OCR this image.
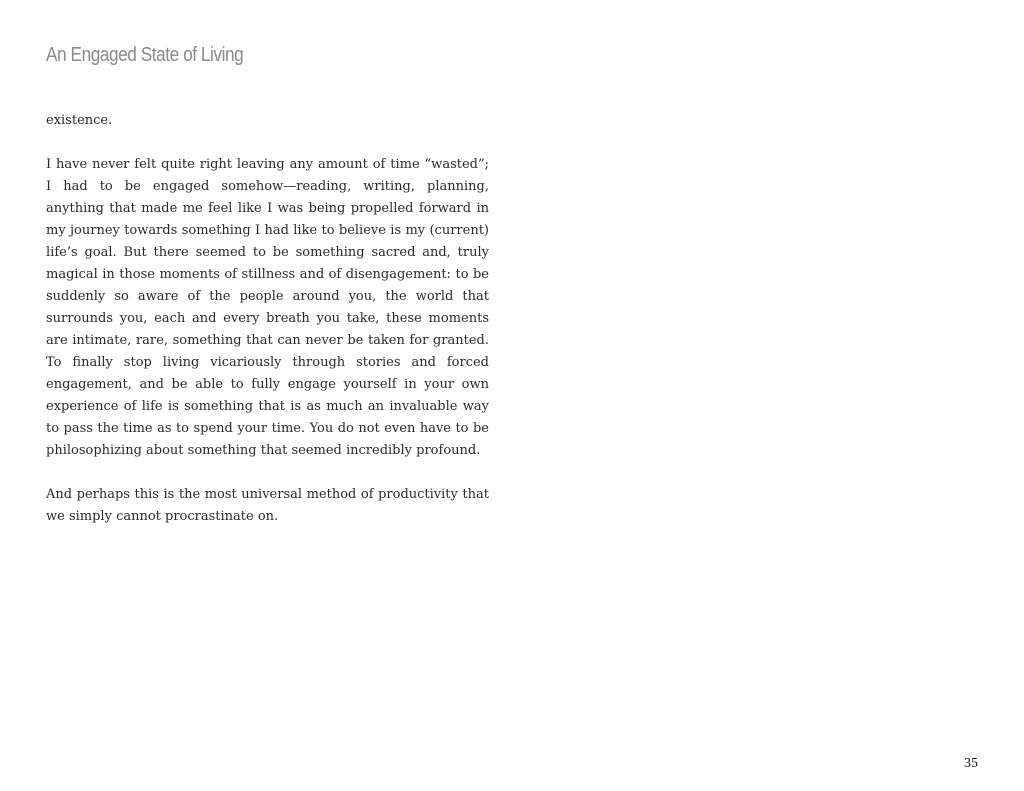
An Engaged State of Living

existence.

I have never felt quite right leaving any amount of time “wasted”; I had to be engaged somehow—reading, writing, planning, anything that made me feel like I was being propelled forward in my journey towards something I had like to believe is my (current) life’s goal. But there seemed to be something sacred and, truly magical in those moments of stillness and of disengagement: to be suddenly so aware of the people around you, the world that surrounds you, each and every breath you take, these moments are intimate, rare, something that can never be taken for granted. To finally stop living vicariously through stories and forced engagement, and be able to fully engage yourself in your own experience of life is something that is as much an invaluable way to pass the time as to spend your time. You do not even have to be philosophizing about something that seemed incredibly profound.

And perhaps this is the most universal method of productivity that we simply cannot procrastinate on.

35
